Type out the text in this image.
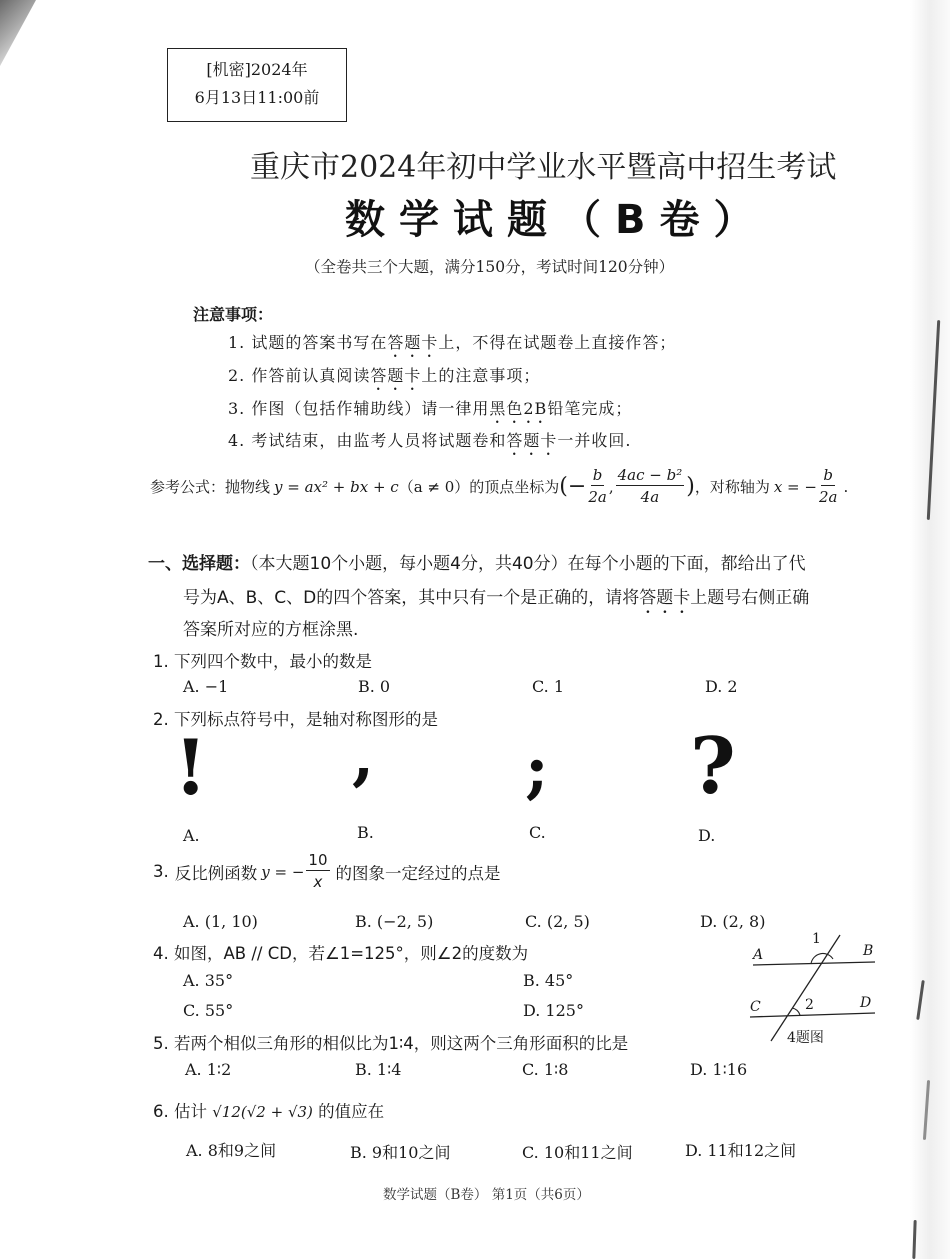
[机密]2024年
6月13日11:00前
重庆市2024年初中学业水平暨高中招生考试
数学试题（B卷）
（全卷共三个大题，满分150分，考试时间120分钟）
注意事项：
1. 试题的答案书写在答题卡上，不得在试题卷上直接作答；
2. 作答前认真阅读答题卡上的注意事项；
3. 作图（包括作辅助线）请一律用黑色2B铅笔完成；
4. 考试结束，由监考人员将试题卷和答题卡一并收回.
参考公式：抛物线 y = ax² + bx + c （a ≠ 0） 的顶点坐标为 (− $\frac{b}{2a}$ , $\frac{\text{4ac − b²}}{4a}$ ) ，对称轴为 x = − $\frac{b}{2a}$ .
一、选择题：（本大题10个小题，每小题4分，共40分）在每个小题的下面，都给出了代
号为A、B、C、D的四个答案，其中只有一个是正确的，请将答题卡上题号右侧正确
答案所对应的方框涂黑.
1. 下列四个数中，最小的数是
A. −1	B. 0	C. 1	D. 2
2. 下列标点符号中，是轴对称图形的是
! , ; ?
A.	B.	C.	D.
3. 反比例函数 y = − $\frac{10}{x}$ 的图象一定经过的点是
A. (1, 10)	B. (−2, 5)	C. (2, 5)	D. (2, 8)
4. 如图，AB // CD，若∠1=125°，则∠2的度数为
A. 35°	B. 45°
C. 55°	D. 125°
A	B
C	D
1
2
4题图
5. 若两个相似三角形的相似比为1∶4，则这两个三角形面积的比是
A. 1∶2	B. 1∶4	C. 1∶8	D. 1∶16
6. 估计 √12(√2 + √3) 的值应在
A. 8和9之间	B. 9和10之间	C. 10和11之间	D. 11和12之间
数学试题（B卷） 第1页（共6页）
